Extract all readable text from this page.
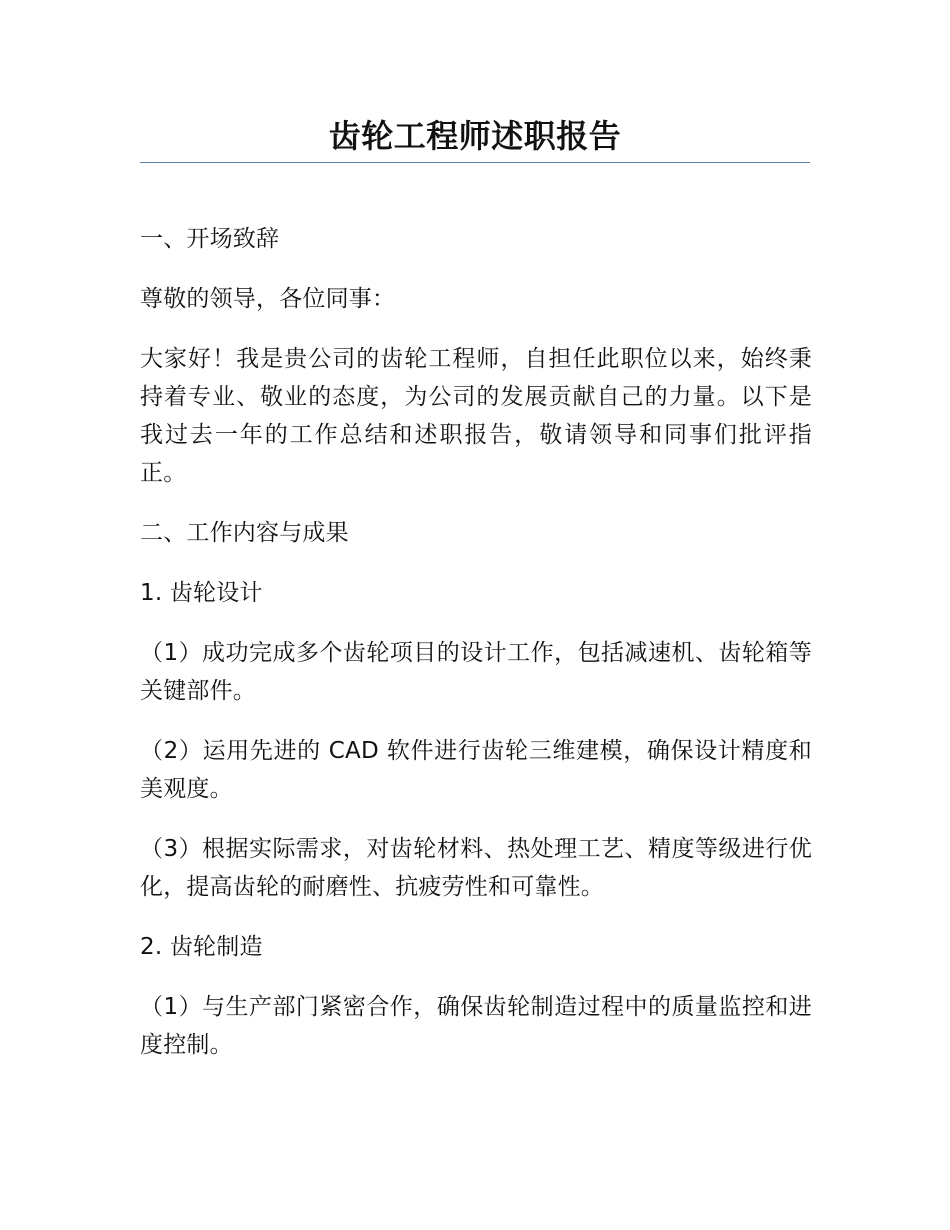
齿轮工程师述职报告

一、开场致辞

尊敬的领导，各位同事：

大家好！我是贵公司的齿轮工程师，自担任此职位以来，始终秉持着专业、敬业的态度，为公司的发展贡献自己的力量。以下是我过去一年的工作总结和述职报告，敬请领导和同事们批评指正。

二、工作内容与成果

1. 齿轮设计

（1）成功完成多个齿轮项目的设计工作，包括减速机、齿轮箱等关键部件。

（2）运用先进的 CAD 软件进行齿轮三维建模，确保设计精度和美观度。

（3）根据实际需求，对齿轮材料、热处理工艺、精度等级进行优化，提高齿轮的耐磨性、抗疲劳性和可靠性。

2. 齿轮制造

（1）与生产部门紧密合作，确保齿轮制造过程中的质量监控和进度控制。
